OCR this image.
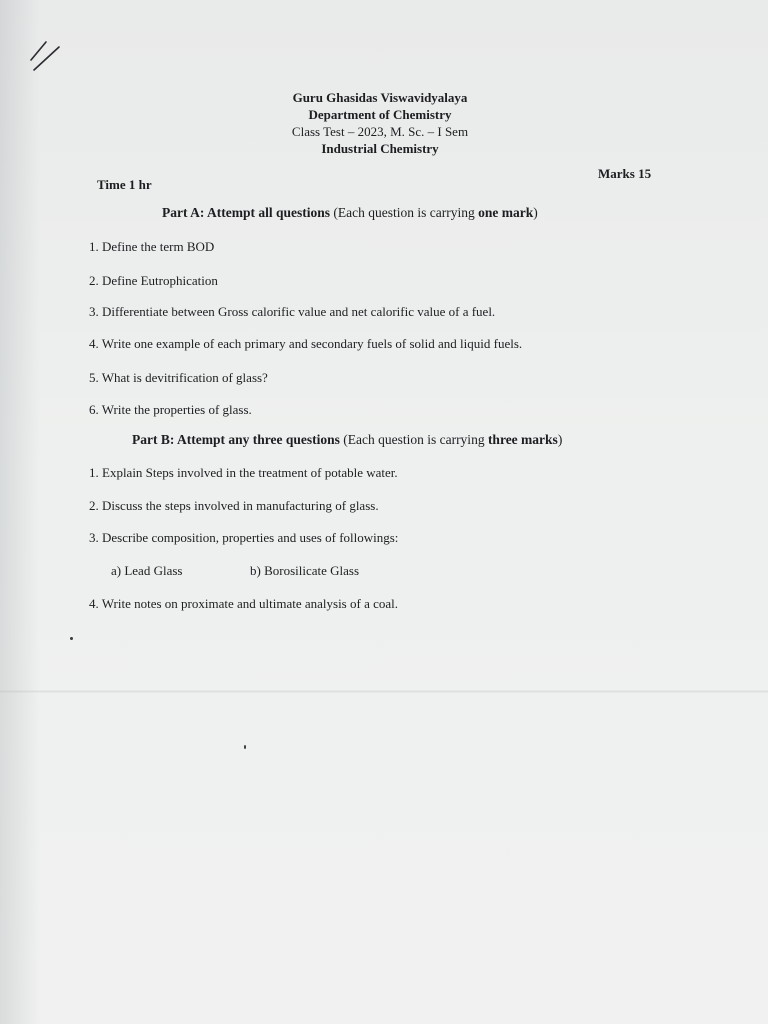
Guru Ghasidas Viswavidyalaya
Department of Chemistry
Class Test – 2023, M. Sc. – I Sem
Industrial Chemistry
Time 1 hr
Marks 15
Part A: Attempt all questions (Each question is carrying one mark)
1. Define the term BOD
2. Define Eutrophication
3. Differentiate between Gross calorific value and net calorific value of a fuel.
4. Write one example of each primary and secondary fuels of solid and liquid fuels.
5. What is devitrification of glass?
6. Write the properties of glass.
Part B: Attempt any three questions (Each question is carrying three marks)
1. Explain Steps involved in the treatment of potable water.
2. Discuss the steps involved in manufacturing of glass.
3. Describe composition, properties and uses of followings:
a) Lead Glass	b) Borosilicate Glass
4. Write notes on proximate and ultimate analysis of a coal.
